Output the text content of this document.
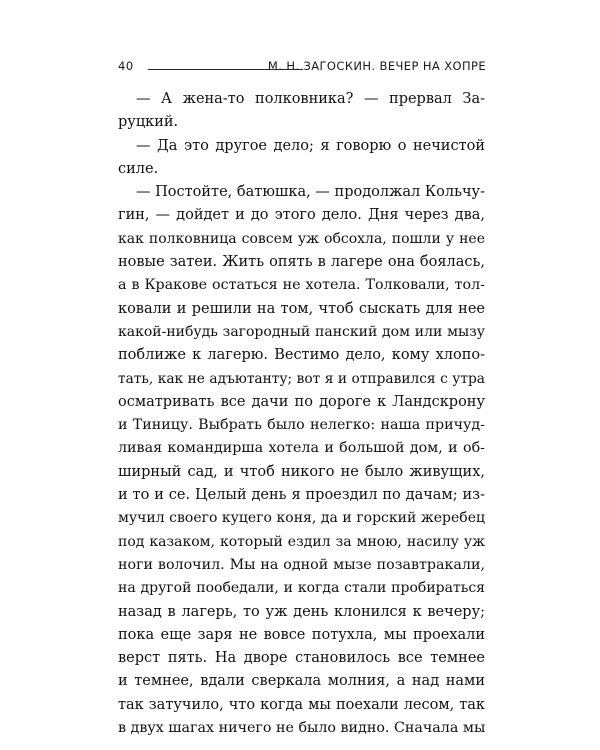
40	М. Н. ЗАГОСКИН. ВЕЧЕР НА ХОПРЕ
— А жена-то полковника? — прервал За-
руцкий.
— Да это другое дело; я говорю о нечистой
силе.
— Постойте, батюшка, — продолжал Кольчу-
гин, — дойдет и до этого дело. Дня через два,
как полковница совсем уж обсохла, пошли у нее
новые затеи. Жить опять в лагере она боялась,
а в Кракове остаться не хотела. Толковали, тол-
ковали и решили на том, чтоб сыскать для нее
какой-нибудь загородный панский дом или мызу
поближе к лагерю. Вестимо дело, кому хлопо-
тать, как не адъютанту; вот я и отправился с утра
осматривать все дачи по дороге к Ландскрону
и Тиницу. Выбрать было нелегко: наша причуд-
ливая командирша хотела и большой дом, и об-
ширный сад, и чтоб никого не было живущих,
и то и се. Целый день я проездил по дачам; из-
мучил своего куцего коня, да и горский жеребец
под казаком, который ездил за мною, насилу уж
ноги волочил. Мы на одной мызе позавтракали,
на другой пообедали, и когда стали пробираться
назад в лагерь, то уж день клонился к вечеру;
пока еще заря не вовсе потухла, мы проехали
верст пять. На дворе становилось все темнее
и темнее, вдали сверкала молния, а над нами
так затучило, что когда мы поехали лесом, так
в двух шагах ничего не было видно. Сначала мы
